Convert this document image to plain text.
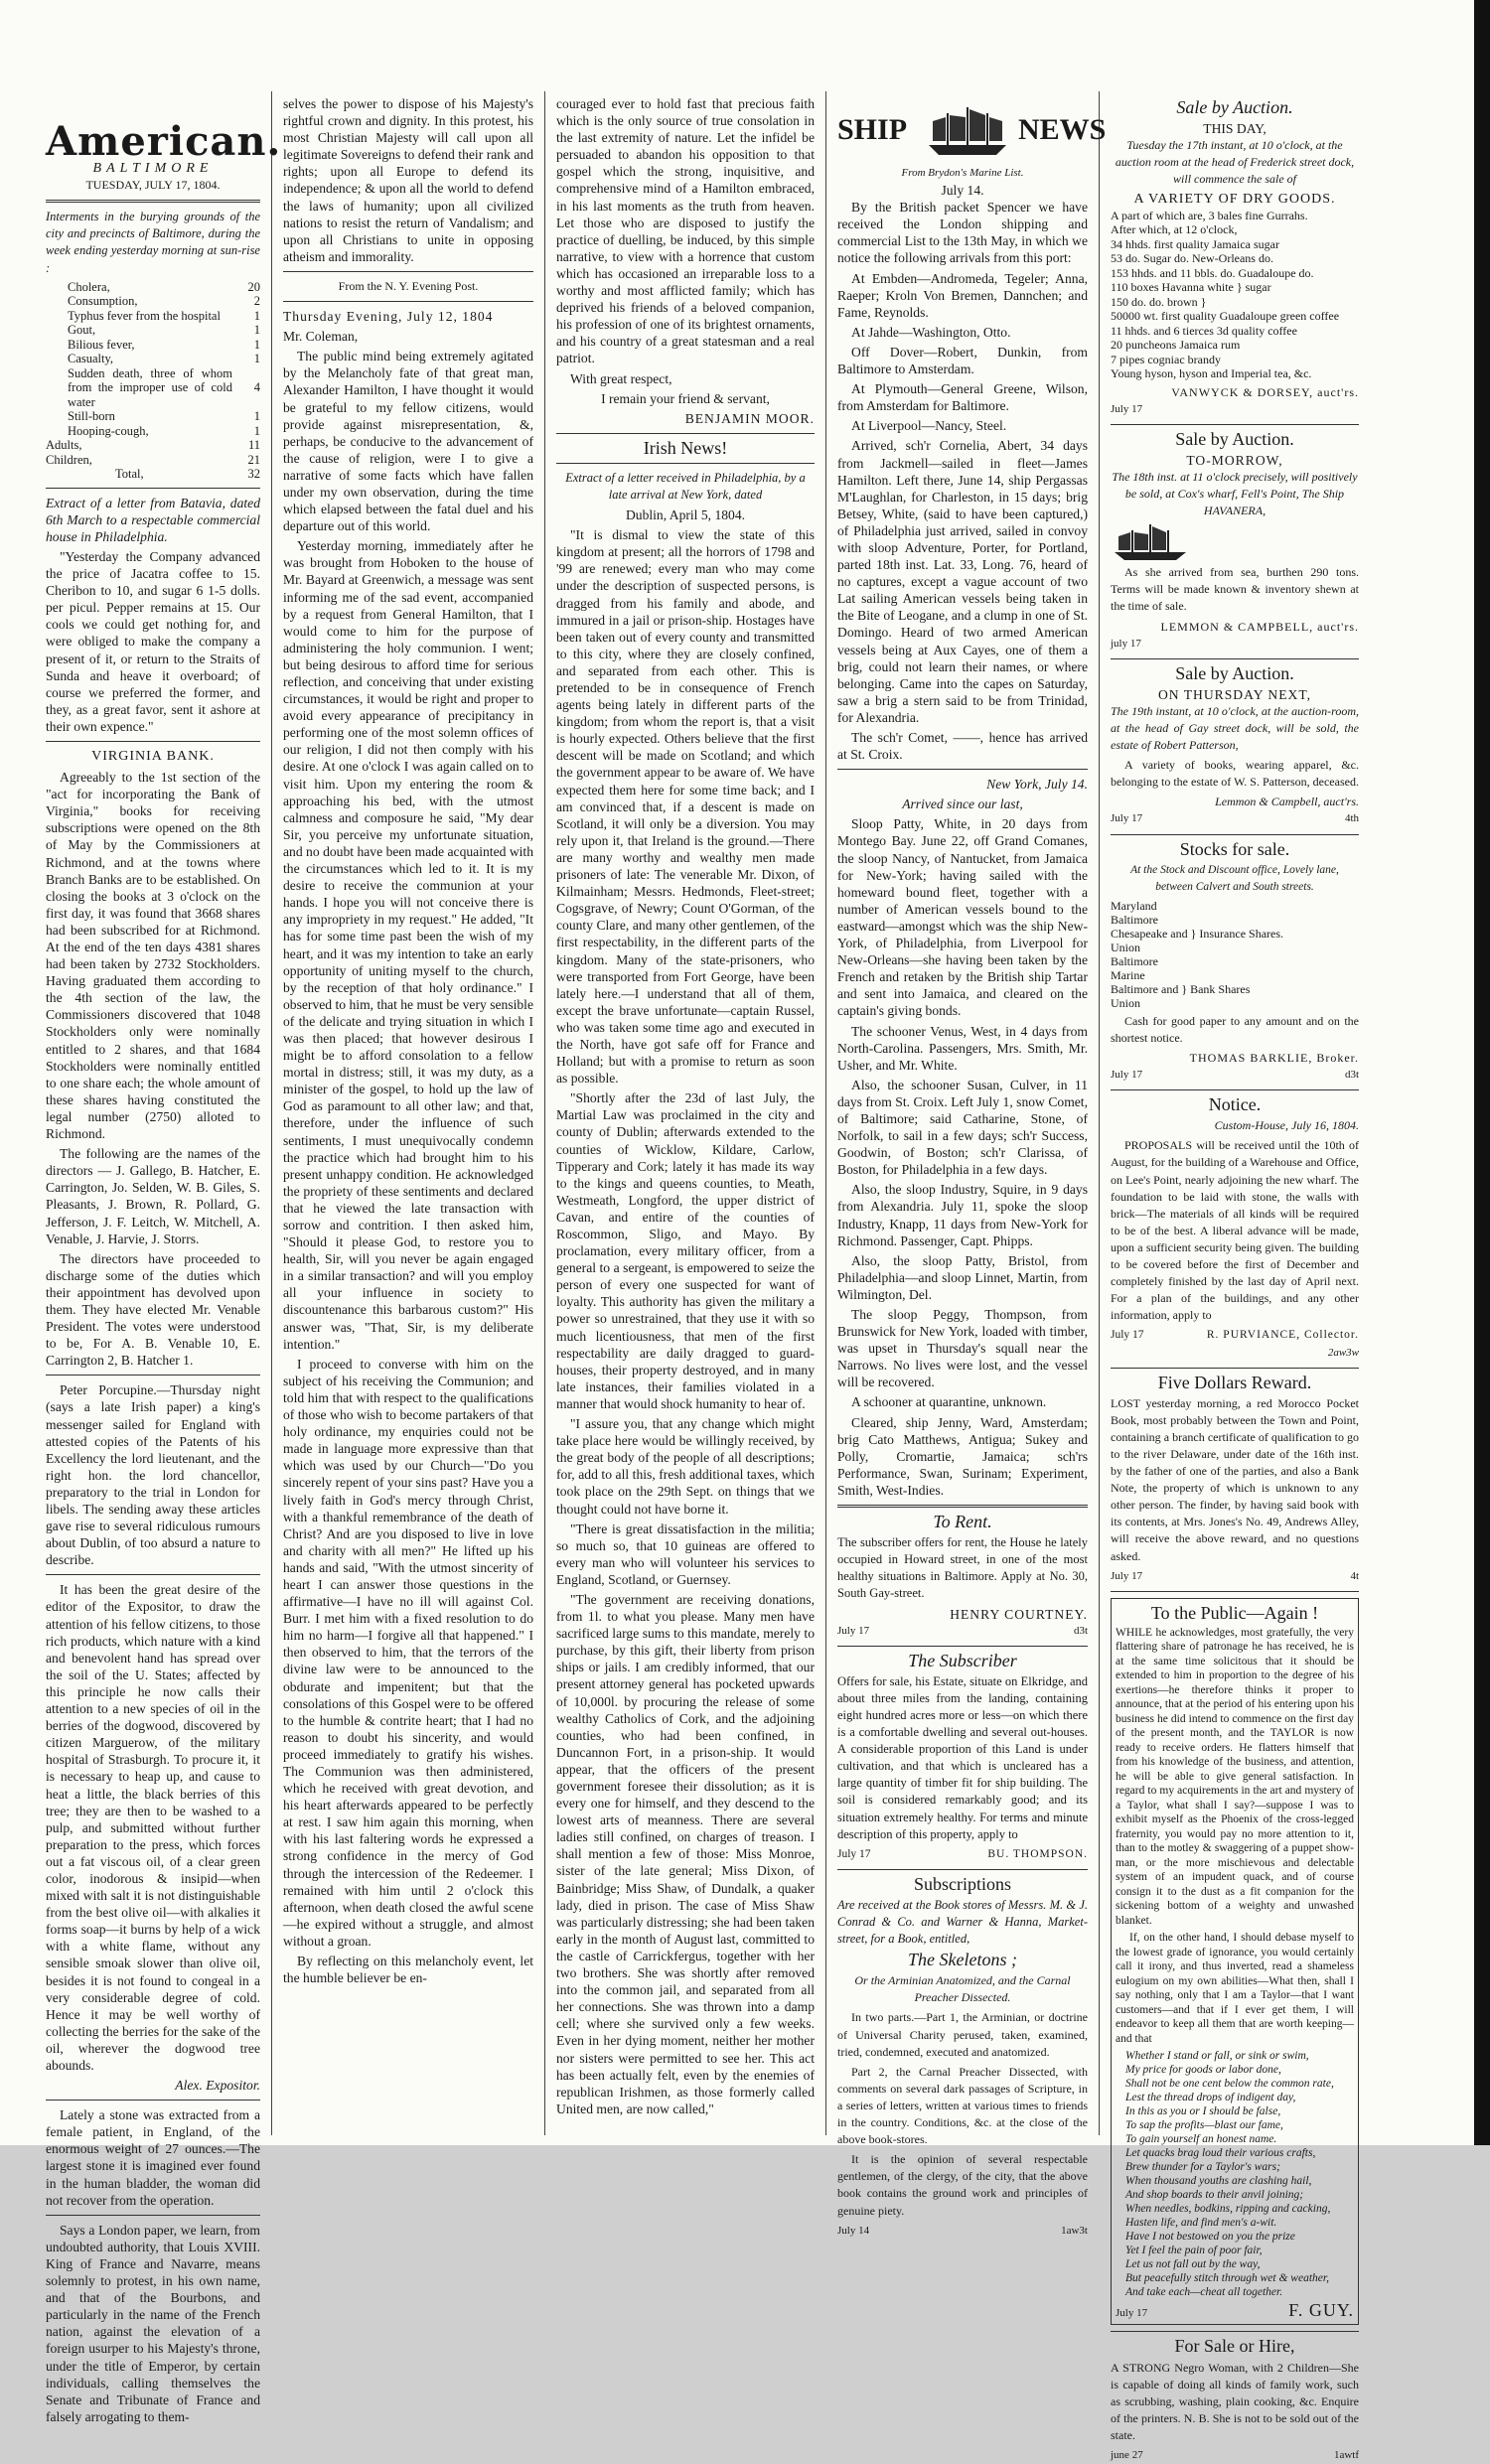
American.
BALTIMORE
TUESDAY, JULY 17, 1804.

Interments in the burying grounds of the city and precincts of Baltimore, during the week ending yesterday morning at sun-rise :

Cholera,	20
Consumption,	2
Typhus fever from the hospital	1
Gout,	1
Bilious fever,	1
Casualty,	1
Sudden death, three of whom from the improper use of cold water	4
Still-born	1
Hooping-cough,	1
Adults,	11
Children,	21
Total,	32

Extract of a letter from Batavia, dated 6th March to a respectable commercial house in Philadelphia.

"Yesterday the Company advanced the price of Jacatra coffee to 15. Cheribon to 10, and sugar 6 1-5 dolls. per picul. Pepper remains at 15. Our cools we could get nothing for, and were obliged to make the company a present of it, or return to the Straits of Sunda and heave it overboard; of course we preferred the former, and they, as a great favor, sent it ashore at their own expence."

VIRGINIA BANK.

Agreeably to the 1st section of the "act for incorporating the Bank of Virginia," books for receiving subscriptions were opened on the 8th of May by the Commissioners at Richmond, and at the towns where Branch Banks are to be established. On closing the books at 3 o'clock on the first day, it was found that 3668 shares had been subscribed for at Richmond. At the end of the ten days 4381 shares had been taken by 2732 Stockholders. Having graduated them according to the 4th section of the law, the Commissioners discovered that 1048 Stockholders only were nominally entitled to 2 shares, and that 1684 Stockholders were nominally entitled to one share each; the whole amount of these shares having constituted the legal number (2750) alloted to Richmond.

The following are the names of the directors — J. Gallego, B. Hatcher, E. Carrington, Jo. Selden, W. B. Giles, S. Pleasants, J. Brown, R. Pollard, G. Jefferson, J. F. Leitch, W. Mitchell, A. Venable, J. Harvie, J. Storrs.

The directors have proceeded to discharge some of the duties which their appointment has devolved upon them. They have elected Mr. Venable President. The votes were understood to be, For A. B. Venable 10, E. Carrington 2, B. Hatcher 1.

Peter Porcupine.—Thursday night (says a late Irish paper) a king's messenger sailed for England with attested copies of the Patents of his Excellency the lord lieutenant, and the right hon. the lord chancellor, preparatory to the trial in London for libels. The sending away these articles gave rise to several ridiculous rumours about Dublin, of too absurd a nature to describe.

It has been the great desire of the editor of the Expositor, to draw the attention of his fellow citizens, to those rich products, which nature with a kind and benevolent hand has spread over the soil of the U. States; affected by this principle he now calls their attention to a new species of oil in the berries of the dogwood, discovered by citizen Marguerow, of the military hospital of Strasburgh. To procure it, it is necessary to heap up, and cause to heat a little, the black berries of this tree; they are then to be washed to a pulp, and submitted without further preparation to the press, which forces out a fat viscous oil, of a clear green color, inodorous & insipid—when mixed with salt it is not distinguishable from the best olive oil—with alkalies it forms soap—it burns by help of a wick with a white flame, without any sensible smoak slower than olive oil, besides it is not found to congeal in a very considerable degree of cold. Hence it may be well worthy of collecting the berries for the sake of the oil, wherever the dogwood tree abounds.

Alex. Expositor.

Lately a stone was extracted from a female patient, in England, of the enormous weight of 27 ounces.—The largest stone it is imagined ever found in the human bladder, the woman did not recover from the operation.

Says a London paper, we learn, from undoubted authority, that Louis XVIII. King of France and Navarre, means solemnly to protest, in his own name, and that of the Bourbons, and particularly in the name of the French nation, against the elevation of a foreign usurper to his Majesty's throne, under the title of Emperor, by certain individuals, calling themselves the Senate and Tribunate of France and falsely arrogating to them-

selves the power to dispose of his Majesty's rightful crown and dignity. In this protest, his most Christian Majesty will call upon all legitimate Sovereigns to defend their rank and rights; upon all Europe to defend its independence; & upon all the world to defend the laws of humanity; upon all civilized nations to resist the return of Vandalism; and upon all Christians to unite in opposing atheism and immorality.

From the N. Y. Evening Post.

Thursday Evening, July 12, 1804

Mr. Coleman,

The public mind being extremely agitated by the Melancholy fate of that great man, Alexander Hamilton, I have thought it would be grateful to my fellow citizens, would provide against misrepresentation, &, perhaps, be conducive to the advancement of the cause of religion, were I to give a narrative of some facts which have fallen under my own observation, during the time which elapsed between the fatal duel and his departure out of this world.

Yesterday morning, immediately after he was brought from Hoboken to the house of Mr. Bayard at Greenwich, a message was sent informing me of the sad event, accompanied by a request from General Hamilton, that I would come to him for the purpose of administering the holy communion. I went; but being desirous to afford time for serious reflection, and conceiving that under existing circumstances, it would be right and proper to avoid every appearance of precipitancy in performing one of the most solemn offices of our religion, I did not then comply with his desire. At one o'clock I was again called on to visit him. Upon my entering the room & approaching his bed, with the utmost calmness and composure he said, "My dear Sir, you perceive my unfortunate situation, and no doubt have been made acquainted with the circumstances which led to it. It is my desire to receive the communion at your hands. I hope you will not conceive there is any impropriety in my request." He added, "It has for some time past been the wish of my heart, and it was my intention to take an early opportunity of uniting myself to the church, by the reception of that holy ordinance." I observed to him, that he must be very sensible of the delicate and trying situation in which I was then placed; that however desirous I might be to afford consolation to a fellow mortal in distress; still, it was my duty, as a minister of the gospel, to hold up the law of God as paramount to all other law; and that, therefore, under the influence of such sentiments, I must unequivocally condemn the practice which had brought him to his present unhappy condition. He acknowledged the propriety of these sentiments and declared that he viewed the late transaction with sorrow and contrition. I then asked him, "Should it please God, to restore you to health, Sir, will you never be again engaged in a similar transaction? and will you employ all your influence in society to discountenance this barbarous custom?" His answer was, "That, Sir, is my deliberate intention."

I proceed to converse with him on the subject of his receiving the Communion; and told him that with respect to the qualifications of those who wish to become partakers of that holy ordinance, my enquiries could not be made in language more expressive than that which was used by our Church—"Do you sincerely repent of your sins past? Have you a lively faith in God's mercy through Christ, with a thankful remembrance of the death of Christ? And are you disposed to live in love and charity with all men?" He lifted up his hands and said, "With the utmost sincerity of heart I can answer those questions in the affirmative—I have no ill will against Col. Burr. I met him with a fixed resolution to do him no harm—I forgive all that happened." I then observed to him, that the terrors of the divine law were to be announced to the obdurate and impenitent; but that the consolations of this Gospel were to be offered to the humble & contrite heart; that I had no reason to doubt his sincerity, and would proceed immediately to gratify his wishes. The Communion was then administered, which he received with great devotion, and his heart afterwards appeared to be perfectly at rest. I saw him again this morning, when with his last faltering words he expressed a strong confidence in the mercy of God through the intercession of the Redeemer. I remained with him until 2 o'clock this afternoon, when death closed the awful scene—he expired without a struggle, and almost without a groan.

By reflecting on this melancholy event, let the humble believer be en-

couraged ever to hold fast that precious faith which is the only source of true consolation in the last extremity of nature. Let the infidel be persuaded to abandon his opposition to that gospel which the strong, inquisitive, and comprehensive mind of a Hamilton embraced, in his last moments as the truth from heaven. Let those who are disposed to justify the practice of duelling, be induced, by this simple narrative, to view with a horrence that custom which has occasioned an irreparable loss to a worthy and most afflicted family; which has deprived his friends of a beloved companion, his profession of one of its brightest ornaments, and his country of a great statesman and a real patriot.

With great respect,

I remain your friend & servant,

BENJAMIN MOOR.

Irish News!

Extract of a letter received in Philadelphia, by a late arrival at New York, dated

Dublin, April 5, 1804.

"It is dismal to view the state of this kingdom at present; all the horrors of 1798 and '99 are renewed; every man who may come under the description of suspected persons, is dragged from his family and abode, and immured in a jail or prison-ship. Hostages have been taken out of every county and transmitted to this city, where they are closely confined, and separated from each other. This is pretended to be in consequence of French agents being lately in different parts of the kingdom; from whom the report is, that a visit is hourly expected. Others believe that the first descent will be made on Scotland; and which the government appear to be aware of. We have expected them here for some time back; and I am convinced that, if a descent is made on Scotland, it will only be a diversion. You may rely upon it, that Ireland is the ground.—There are many worthy and wealthy men made prisoners of late: The venerable Mr. Dixon, of Kilmainham; Messrs. Hedmonds, Fleet-street; Cogsgrave, of Newry; Count O'Gorman, of the county Clare, and many other gentlemen, of the first respectability, in the different parts of the kingdom. Many of the state-prisoners, who were transported from Fort George, have been lately here.—I understand that all of them, except the brave unfortunate—captain Russel, who was taken some time ago and executed in the North, have got safe off for France and Holland; but with a promise to return as soon as possible.

"Shortly after the 23d of last July, the Martial Law was proclaimed in the city and county of Dublin; afterwards extended to the counties of Wicklow, Kildare, Carlow, Tipperary and Cork; lately it has made its way to the kings and queens counties, to Meath, Westmeath, Longford, the upper district of Cavan, and entire of the counties of Roscommon, Sligo, and Mayo. By proclamation, every military officer, from a general to a sergeant, is empowered to seize the person of every one suspected for want of loyalty. This authority has given the military a power so unrestrained, that they use it with so much licentiousness, that men of the first respectability are daily dragged to guard-houses, their property destroyed, and in many late instances, their families violated in a manner that would shock humanity to hear of.

"I assure you, that any change which might take place here would be willingly received, by the great body of the people of all descriptions; for, add to all this, fresh additional taxes, which took place on the 29th Sept. on things that we thought could not have borne it.

"There is great dissatisfaction in the militia; so much so, that 10 guineas are offered to every man who will volunteer his services to England, Scotland, or Guernsey.

"The government are receiving donations, from 1l. to what you please. Many men have sacrificed large sums to this mandate, merely to purchase, by this gift, their liberty from prison ships or jails. I am credibly informed, that our present attorney general has pocketed upwards of 10,000l. by procuring the release of some wealthy Catholics of Cork, and the adjoining counties, who had been confined, in Duncannon Fort, in a prison-ship. It would appear, that the officers of the present government foresee their dissolution; as it is every one for himself, and they descend to the lowest arts of meanness. There are several ladies still confined, on charges of treason. I shall mention a few of those: Miss Monroe, sister of the late general; Miss Dixon, of Bainbridge; Miss Shaw, of Dundalk, a quaker lady, died in prison. The case of Miss Shaw was particularly distressing; she had been taken early in the month of August last, committed to the castle of Carrickfergus, together with her two brothers. She was shortly after removed into the common jail, and separated from all her connections. She was thrown into a damp cell; where she survived only a few weeks. Even in her dying moment, neither her mother nor sisters were permitted to see her. This act has been actually felt, even by the enemies of republican Irishmen, as those formerly called United men, are now called,"

SHIP	NEWS
From Brydon's Marine List.
July 14.

By the British packet Spencer we have received the London shipping and commercial List to the 13th May, in which we notice the following arrivals from this port:

At Embden—Andromeda, Tegeler; Anna, Raeper; Kroln Von Bremen, Dannchen; and Fame, Reynolds.

At Jahde—Washington, Otto.

Off Dover—Robert, Dunkin, from Baltimore to Amsterdam.

At Plymouth—General Greene, Wilson, from Amsterdam for Baltimore.

At Liverpool—Nancy, Steel.

Arrived, sch'r Cornelia, Abert, 34 days from Jackmell—sailed in fleet—James Hamilton. Left there, June 14, ship Pergassas M'Laughlan, for Charleston, in 15 days; brig Betsey, White, (said to have been captured,) of Philadelphia just arrived, sailed in convoy with sloop Adventure, Porter, for Portland, parted 18th inst. Lat. 33, Long. 76, heard of no captures, except a vague account of two Lat sailing American vessels being taken in the Bite of Leogane, and a clump in one of St. Domingo. Heard of two armed American vessels being at Aux Cayes, one of them a brig, could not learn their names, or where belonging. Came into the capes on Saturday, saw a brig a stern said to be from Trinidad, for Alexandria.

The sch'r Comet, ——, hence has arrived at St. Croix.

New York, July 14.

Arrived since our last,

Sloop Patty, White, in 20 days from Montego Bay. June 22, off Grand Comanes, the sloop Nancy, of Nantucket, from Jamaica for New-York; having sailed with the homeward bound fleet, together with a number of American vessels bound to the eastward—amongst which was the ship New-York, of Philadelphia, from Liverpool for New-Orleans—she having been taken by the French and retaken by the British ship Tartar and sent into Jamaica, and cleared on the captain's giving bonds.

The schooner Venus, West, in 4 days from North-Carolina. Passengers, Mrs. Smith, Mr. Usher, and Mr. White.

Also, the schooner Susan, Culver, in 11 days from St. Croix. Left July 1, snow Comet, of Baltimore; said Catharine, Stone, of Norfolk, to sail in a few days; sch'r Success, Goodwin, of Boston; sch'r Clarissa, of Boston, for Philadelphia in a few days.

Also, the sloop Industry, Squire, in 9 days from Alexandria. July 11, spoke the sloop Industry, Knapp, 11 days from New-York for Richmond. Passenger, Capt. Phipps.

Also, the sloop Patty, Bristol, from Philadelphia—and sloop Linnet, Martin, from Wilmington, Del.

The sloop Peggy, Thompson, from Brunswick for New York, loaded with timber, was upset in Thursday's squall near the Narrows. No lives were lost, and the vessel will be recovered.

A schooner at quarantine, unknown.

Cleared, ship Jenny, Ward, Amsterdam; brig Cato Matthews, Antigua; Sukey and Polly, Cromartie, Jamaica; sch'rs Performance, Swan, Surinam; Experiment, Smith, West-Indies.

To Rent.

The subscriber offers for rent, the House he lately occupied in Howard street, in one of the most healthy situations in Baltimore. Apply at No. 30, South Gay-street.

HENRY COURTNEY.
July 17	d3t
The Subscriber

Offers for sale, his Estate, situate on Elkridge, and about three miles from the landing, containing eight hundred acres more or less—on which there is a comfortable dwelling and several out-houses. A considerable proportion of this Land is under cultivation, and that which is uncleared has a large quantity of timber fit for ship building. The soil is considered remarkably good; and its situation extremely healthy. For terms and minute description of this property, apply to

July 17	BU. THOMPSON.
Subscriptions

Are received at the Book stores of Messrs. M. & J. Conrad & Co. and Warner & Hanna, Market-street, for a Book, entitled,

The Skeletons ;

Or the Arminian Anatomized, and the Carnal Preacher Dissected.

In two parts.—Part 1, the Arminian, or doctrine of Universal Charity perused, taken, examined, tried, condemned, executed and anatomized.

Part 2, the Carnal Preacher Dissected, with comments on several dark passages of Scripture, in a series of letters, written at various times to friends in the country. Conditions, &c. at the close of the above book-stores.

It is the opinion of several respectable gentlemen, of the clergy, of the city, that the above book contains the ground work and principles of genuine piety.

July 14	1aw3t
Sale by Auction.
THIS DAY,

Tuesday the 17th instant, at 10 o'clock, at the auction room at the head of Frederick street dock, will commence the sale of

A VARIETY OF DRY GOODS.

A part of which are, 3 bales fine Gurrahs.
After which, at 12 o'clock,
34 hhds. first quality Jamaica sugar
53 do. Sugar do. New-Orleans do.
153 hhds. and 11 bbls. do. Guadaloupe do.
110 boxes Havanna white } sugar
150 do. do. brown }
50000 wt. first quality Guadaloupe green coffee
11 hhds. and 6 tierces 3d quality coffee
20 puncheons Jamaica rum
7 pipes cogniac brandy
Young hyson, hyson and Imperial tea, &c.

VANWYCK & DORSEY, auct'rs.
July 17
Sale by Auction.
TO-MORROW,

The 18th inst. at 11 o'clock precisely, will positively be sold, at Cox's wharf, Fell's Point, The Ship HAVANERA,

As she arrived from sea, burthen 290 tons. Terms will be made known & inventory shewn at the time of sale.

LEMMON & CAMPBELL, auct'rs.
july 17
Sale by Auction.
ON THURSDAY NEXT,

The 19th instant, at 10 o'clock, at the auction-room, at the head of Gay street dock, will be sold, the estate of Robert Patterson,

A variety of books, wearing apparel, &c. belonging to the estate of W. S. Patterson, deceased.

Lemmon & Campbell, auct'rs.
July 17	4th
Stocks for sale.

At the Stock and Discount office, Lovely lane, between Calvert and South streets.

Maryland
Baltimore
Chesapeake and } Insurance Shares.
Union
Baltimore
Marine
Baltimore and } Bank Shares
Union

Cash for good paper to any amount and on the shortest notice.

THOMAS BARKLIE, Broker.
July 17	d3t
Notice.

Custom-House, July 16, 1804.

PROPOSALS will be received until the 10th of August, for the building of a Warehouse and Office, on Lee's Point, nearly adjoining the new wharf. The foundation to be laid with stone, the walls with brick—The materials of all kinds will be required to be of the best. A liberal advance will be made, upon a sufficient security being given. The building to be covered before the first of December and completely finished by the last day of April next. For a plan of the buildings, and any other information, apply to

July 17	R. PURVIANCE, Collector.
2aw3w
Five Dollars Reward.

LOST yesterday morning, a red Morocco Pocket Book, most probably between the Town and Point, containing a branch certificate of qualification to go to the river Delaware, under date of the 16th inst. by the father of one of the parties, and also a Bank Note, the property of which is unknown to any other person. The finder, by having said book with its contents, at Mrs. Jones's No. 49, Andrews Alley, will receive the above reward, and no questions asked.

July 17	4t
To the Public—Again !

WHILE he acknowledges, most gratefully, the very flattering share of patronage he has received, he is at the same time solicitous that it should be extended to him in proportion to the degree of his exertions—he therefore thinks it proper to announce, that at the period of his entering upon his business he did intend to commence on the first day of the present month, and the TAYLOR is now ready to receive orders. He flatters himself that from his knowledge of the business, and attention, he will be able to give general satisfaction. In regard to my acquirements in the art and mystery of a Taylor, what shall I say?—suppose I was to exhibit myself as the Phoenix of the cross-legged fraternity, you would pay no more attention to it, than to the motley & swaggering of a puppet show-man, or the more mischievous and delectable system of an impudent quack, and of course consign it to the dust as a fit companion for the sickening bottom of a weighty and unwashed blanket.

If, on the other hand, I should debase myself to the lowest grade of ignorance, you would certainly call it irony, and thus inverted, read a shameless eulogium on my own abilities—What then, shall I say nothing, only that I am a Taylor—that I want customers—and that if I ever get them, I will endeavor to keep all them that are worth keeping—and that

Whether I stand or fall, or sink or swim,
My price for goods or labor done,
Shall not be one cent below the common rate,
Lest the thread drops of indigent day,
In this as you or I should be false,
To sap the profits—blast our fame,
To gain yourself an honest name.
Let quacks brag loud their various crafts,
Brew thunder for a Taylor's wars;
When thousand youths are clashing hail,
And shop boards to their anvil joining;
When needles, bodkins, ripping and cacking,
Hasten life, and find men's a-wit.
Have I not bestowed on you the prize
Yet I feel the pain of poor fair,
Let us not fall out by the way,
But peacefully stitch through wet & weather,
And take each—cheat all together.

July 17	F. GUY.
For Sale or Hire,

A STRONG Negro Woman, with 2 Children—She is capable of doing all kinds of family work, such as scrubbing, washing, plain cooking, &c. Enquire of the printers. N. B. She is not to be sold out of the state.

june 27	1awtf
